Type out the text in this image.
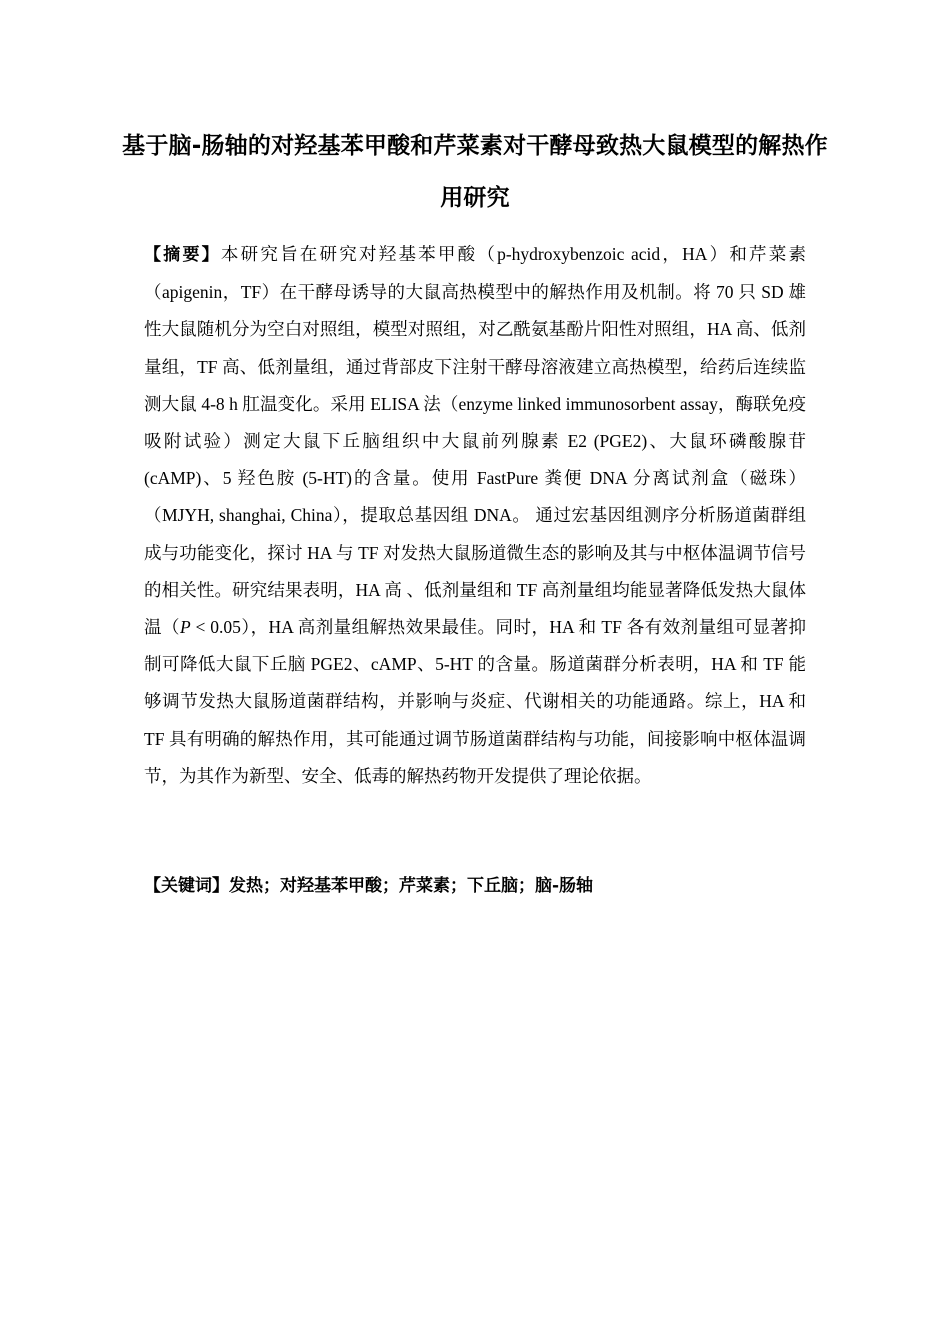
基于脑-肠轴的对羟基苯甲酸和芹菜素对干酵母致热大鼠模型的解热作用研究

【摘要】本研究旨在研究对羟基苯甲酸（p-hydroxybenzoic acid，HA）和芹菜素（apigenin，TF）在干酵母诱导的大鼠高热模型中的解热作用及机制。将 70 只 SD 雄性大鼠随机分为空白对照组，模型对照组，对乙酰氨基酚片阳性对照组，HA 高、低剂量组，TF 高、低剂量组，通过背部皮下注射干酵母溶液建立高热模型，给药后连续监测大鼠 4-8 h 肛温变化。采用 ELISA 法（enzyme linked immunosorbent assay，酶联免疫吸附试验）测定大鼠下丘脑组织中大鼠前列腺素 E2 (PGE2)、大鼠环磷酸腺苷 (cAMP)、5 羟色胺 (5-HT)的含量。使用 FastPure 粪便 DNA 分离试剂盒（磁珠）（MJYH, shanghai, China），提取总基因组 DNA。 通过宏基因组测序分析肠道菌群组成与功能变化，探讨 HA 与 TF 对发热大鼠肠道微生态的影响及其与中枢体温调节信号的相关性。研究结果表明，HA 高 、低剂量组和 TF 高剂量组均能显著降低发热大鼠体温（P < 0.05），HA 高剂量组解热效果最佳。同时，HA 和 TF 各有效剂量组可显著抑制可降低大鼠下丘脑 PGE2、cAMP、5-HT 的含量。肠道菌群分析表明，HA 和 TF 能够调节发热大鼠肠道菌群结构，并影响与炎症、代谢相关的功能通路。综上，HA 和 TF 具有明确的解热作用，其可能通过调节肠道菌群结构与功能，间接影响中枢体温调节，为其作为新型、安全、低毒的解热药物开发提供了理论依据。

【关键词】发热；对羟基苯甲酸；芹菜素；下丘脑；脑-肠轴
